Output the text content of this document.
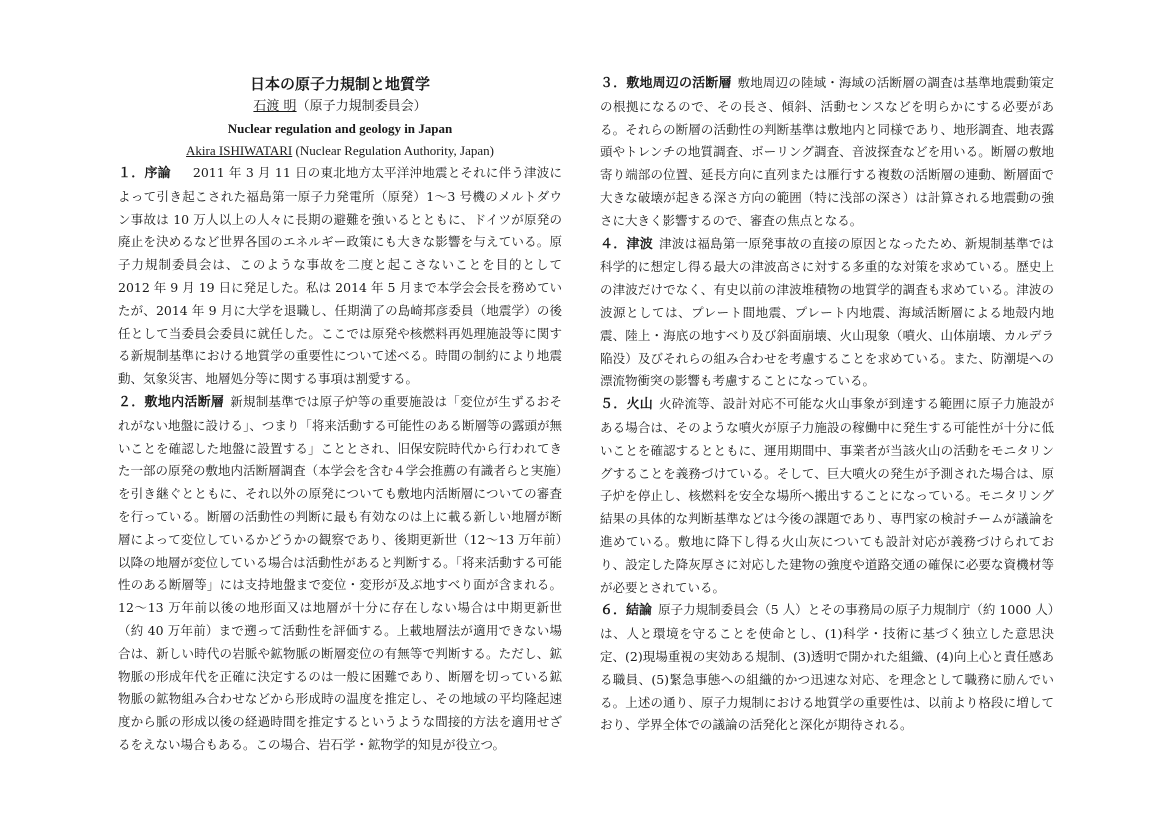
日本の原子力規制と地質学
石渡 明（原子力規制委員会）
Nuclear regulation and geology in Japan
Akira ISHIWATARI (Nuclear Regulation Authority, Japan)

１．序論 2011 年 3 月 11 日の東北地方太平洋沖地震とそれに伴う津波によって引き起こされた福島第一原子力発電所（原発）1〜3 号機のメルトダウン事故は 10 万人以上の人々に長期の避難を強いるとともに、ドイツが原発の廃止を決めるなど世界各国のエネルギー政策にも大きな影響を与えている。原子力規制委員会は、このような事故を二度と起こさないことを目的として 2012 年 9 月 19 日に発足した。私は 2014 年 5 月まで本学会会長を務めていたが、2014 年 9 月に大学を退職し、任期満了の島崎邦彦委員（地震学）の後任として当委員会委員に就任した。ここでは原発や核燃料再処理施設等に関する新規制基準における地質学の重要性について述べる。時間の制約により地震動、気象災害、地層処分等に関する事項は割愛する。

２．敷地内活断層 新規制基準では原子炉等の重要施設は「変位が生ずるおそれがない地盤に設ける」、つまり「将来活動する可能性のある断層等の露頭が無いことを確認した地盤に設置する」こととされ、旧保安院時代から行われてきた一部の原発の敷地内活断層調査（本学会を含む４学会推薦の有識者らと実施）を引き継ぐとともに、それ以外の原発についても敷地内活断層についての審査を行っている。断層の活動性の判断に最も有効なのは上に載る新しい地層が断層によって変位しているかどうかの観察であり、後期更新世（12〜13 万年前）以降の地層が変位している場合は活動性があると判断する。「将来活動する可能性のある断層等」には支持地盤まで変位・変形が及ぶ地すべり面が含まれる。12〜13 万年前以後の地形面又は地層が十分に存在しない場合は中期更新世（約 40 万年前）まで遡って活動性を評価する。上載地層法が適用できない場合は、新しい時代の岩脈や鉱物脈の断層変位の有無等で判断する。ただし、鉱物脈の形成年代を正確に決定するのは一般に困難であり、断層を切っている鉱物脈の鉱物組み合わせなどから形成時の温度を推定し、その地域の平均隆起速度から脈の形成以後の経過時間を推定するというような間接的方法を適用せざるをえない場合もある。この場合、岩石学・鉱物学的知見が役立つ。

３．敷地周辺の活断層 敷地周辺の陸域・海域の活断層の調査は基準地震動策定の根拠になるので、その長さ、傾斜、活動センスなどを明らかにする必要がある。それらの断層の活動性の判断基準は敷地内と同様であり、地形調査、地表露頭やトレンチの地質調査、ボーリング調査、音波探査などを用いる。断層の敷地寄り端部の位置、延長方向に直列または雁行する複数の活断層の連動、断層面で大きな破壊が起きる深さ方向の範囲（特に浅部の深さ）は計算される地震動の強さに大きく影響するので、審査の焦点となる。

４．津波 津波は福島第一原発事故の直接の原因となったため、新規制基準では科学的に想定し得る最大の津波高さに対する多重的な対策を求めている。歴史上の津波だけでなく、有史以前の津波堆積物の地質学的調査も求めている。津波の波源としては、プレート間地震、プレート内地震、海域活断層による地殻内地震、陸上・海底の地すべり及び斜面崩壊、火山現象（噴火、山体崩壊、カルデラ陥没）及びそれらの組み合わせを考慮することを求めている。また、防潮堤への漂流物衝突の影響も考慮することになっている。

５．火山 火砕流等、設計対応不可能な火山事象が到達する範囲に原子力施設がある場合は、そのような噴火が原子力施設の稼働中に発生する可能性が十分に低いことを確認するとともに、運用期間中、事業者が当該火山の活動をモニタリングすることを義務づけている。そして、巨大噴火の発生が予測された場合は、原子炉を停止し、核燃料を安全な場所へ搬出することになっている。モニタリング結果の具体的な判断基準などは今後の課題であり、専門家の検討チームが議論を進めている。敷地に降下し得る火山灰についても設計対応が義務づけられており、設定した降灰厚さに対応した建物の強度や道路交通の確保に必要な資機材等が必要とされている。

６．結論 原子力規制委員会（5 人）とその事務局の原子力規制庁（約 1000 人）は、人と環境を守ることを使命とし、(1)科学・技術に基づく独立した意思決定、(2)現場重視の実効ある規制、(3)透明で開かれた組織、(4)向上心と責任感ある職員、(5)緊急事態への組織的かつ迅速な対応、を理念として職務に励んでいる。上述の通り、原子力規制における地質学の重要性は、以前より格段に増しており、学界全体での議論の活発化と深化が期待される。
